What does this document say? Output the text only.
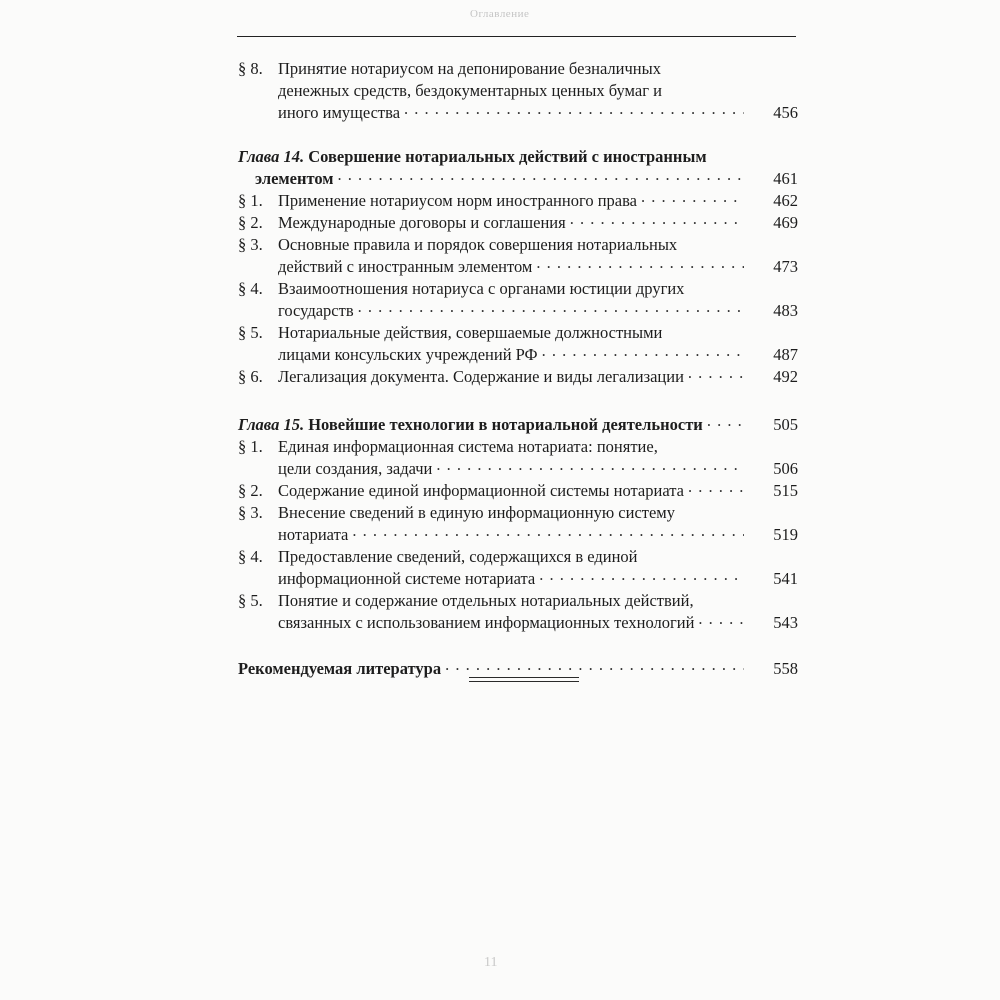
Оглавление
§ 8. Принятие нотариусом на депонирование безналичных
денежных средств, бездокументарных ценных бумаг и
иного имущества . . .	456
Глава 14.
Совершение нотариальных действий с иностранным
элементом . . .	461
§ 1. Применение нотариусом норм иностранного права . . .	462
§ 2. Международные договоры и соглашения . . .	469
§ 3. Основные правила и порядок совершения нотариальных
действий с иностранным элементом . . .	473
§ 4. Взаимоотношения нотариуса с органами юстиции других
государств . . .	483
§ 5. Нотариальные действия, совершаемые должностными
лицами консульских учреждений РФ . . .	487
§ 6. Легализация документа. Содержание и виды легализации . . .	492
Глава 15.
Новейшие технологии в нотариальной деятельности . . .	505
§ 1. Единая информационная система нотариата: понятие,
цели создания, задачи . . .	506
§ 2. Содержание единой информационной системы нотариата . . .	515
§ 3. Внесение сведений в единую информационную систему
нотариата . . .	519
§ 4. Предоставление сведений, содержащихся в единой
информационной системе нотариата . . .	541
§ 5. Понятие и содержание отдельных нотариальных действий,
связанных с использованием информационных технологий . . .	543
Рекомендуемая литература . . .	558
11
